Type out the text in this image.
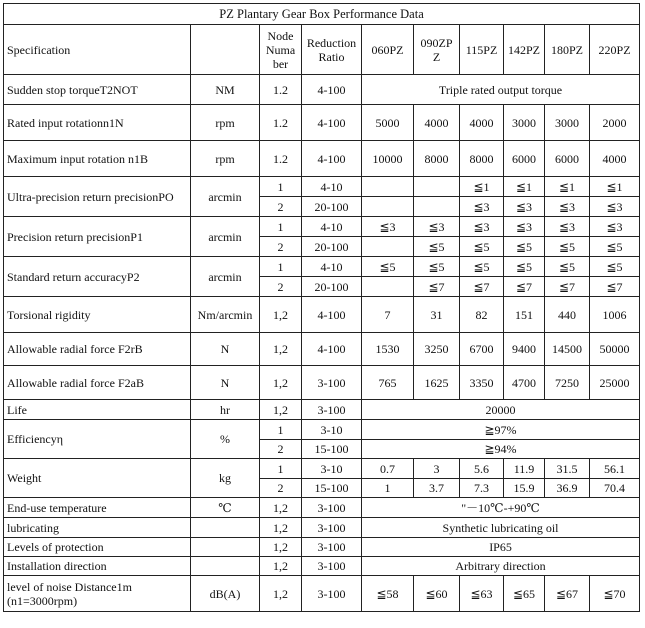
PZ Plantary Gear Box Performance Data									
Specification		Node Numa ber	Reduction Ratio	060PZ	090ZP Z	115PZ	142PZ	180PZ	220PZ
Sudden stop torqueT2NOT	NM	1.2	4-100	Triple rated output torque					
Rated input rotationn1N	rpm	1.2	4-100	5000	4000	4000	3000	3000	2000
Maximum input rotation n1B	rpm	1.2	4-100	10000	8000	8000	6000	6000	4000
Ultra-precision return precisionPO	arcmin	1	4-10			≦1	≦1	≦1	≦1
		2	20-100			≦3	≦3	≦3	≦3
Precision return precisionP1	arcmin	1	4-10	≦3	≦3	≦3	≦3	≦3	≦3
		2	20-100		≦5	≦5	≦5	≦5	≦5
Standard return accuracyP2	arcmin	1	4-10	≦5	≦5	≦5	≦5	≦5	≦5
		2	20-100		≦7	≦7	≦7	≦7	≦7
Torsional rigidity	Nm/arcmin	1,2	4-100	7	31	82	151	440	1006
Allowable radial force F2rB	N	1,2	4-100	1530	3250	6700	9400	14500	50000
Allowable radial force F2aB	N	1,2	3-100	765	1625	3350	4700	7250	25000
Life	hr	1,2	3-100	20000					
Efficiencyη	%	1	3-10	≧97%					
		2	15-100	≧94%					
Weight	kg	1	3-10	0.7	3	5.6	11.9	31.5	56.1
		2	15-100	1	3.7	7.3	15.9	36.9	70.4
End-use temperature	℃	1,2	3-100	"－10℃-+90℃					
lubricating		1,2	3-100	Synthetic lubricating oil					
Levels of protection		1,2	3-100	IP65					
Installation direction		1,2	3-100	Arbitrary direction					
level of noise Distance1m (n1=3000rpm)	dB(A)	1,2	3-100	≦58	≦60	≦63	≦65	≦67	≦70
